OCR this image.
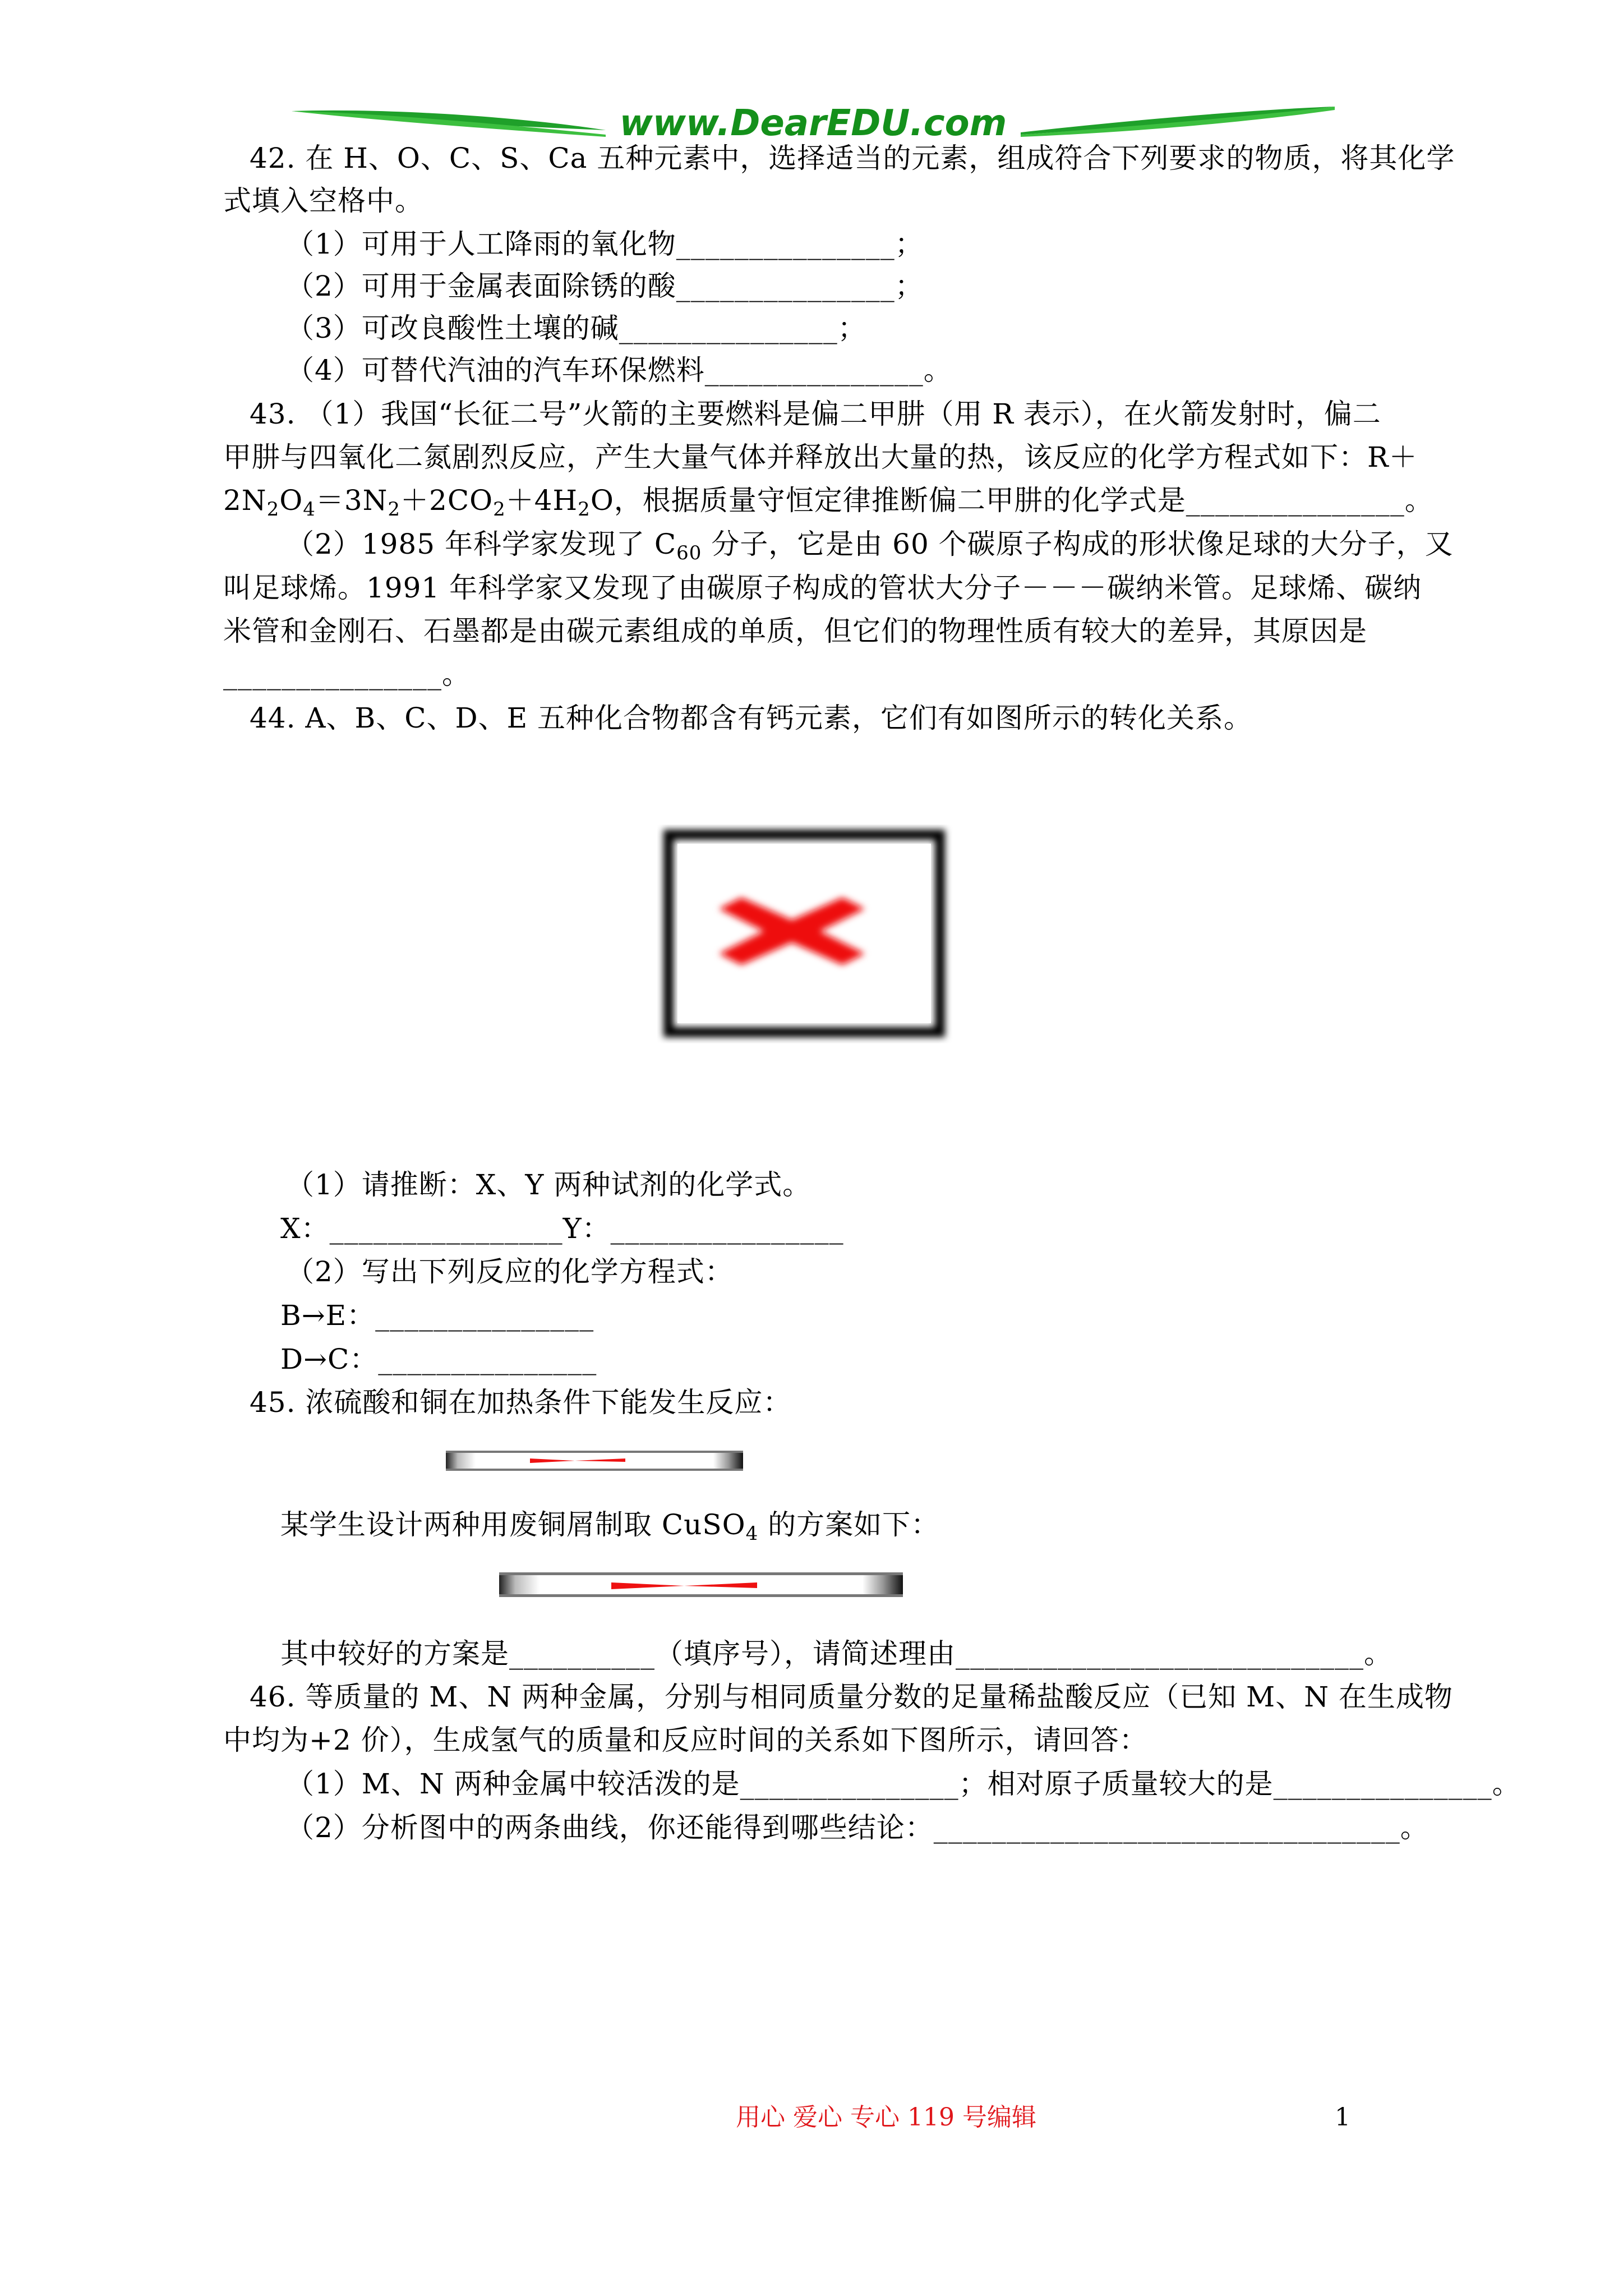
www.DearEDU.com
42. 在 H、O、C、S、Ca 五种元素中，选择适当的元素，组成符合下列要求的物质，将其化学
式填入空格中。
（1）可用于人工降雨的氧化物_______________；
（2）可用于金属表面除锈的酸_______________；
（3）可改良酸性土壤的碱_______________；
（4）可替代汽油的汽车环保燃料_______________。
43. （1）我国“长征二号”火箭的主要燃料是偏二甲肼（用 R 表示），在火箭发射时，偏二
甲肼与四氧化二氮剧烈反应，产生大量气体并释放出大量的热，该反应的化学方程式如下：R＋
$2N_2O_4=3N_2+2CO_2+4H_2O$，根据质量守恒定律推断偏二甲肼的化学式是_______________。
（2）1985 年科学家发现了 $C_{60}$ 分子，它是由 60 个碳原子构成的形状像足球的大分子，又
叫足球烯。1991 年科学家又发现了由碳原子构成的管状大分子－－－碳纳米管。足球烯、碳纳
米管和金刚石、石墨都是由碳元素组成的单质，但它们的物理性质有较大的差异，其原因是
_______________。
44. A、B、C、D、E 五种化合物都含有钙元素，它们有如图所示的转化关系。
（1）请推断：X、Y 两种试剂的化学式。
X：________________Y：________________
（2）写出下列反应的化学方程式：
B→E：_______________
D→C：_______________
45. 浓硫酸和铜在加热条件下能发生反应：
某学生设计两种用废铜屑制取 CuSO$_4$ 的方案如下：
其中较好的方案是__________（填序号），请简述理由____________________________。
46. 等质量的 M、N 两种金属，分别与相同质量分数的足量稀盐酸反应（已知 M、N 在生成物
中均为+2 价），生成氢气的质量和反应时间的关系如下图所示，请回答：
（1）M、N 两种金属中较活泼的是_______________；相对原子质量较大的是_______________。
（2）分析图中的两条曲线，你还能得到哪些结论：________________________________。
用心 爱心 专心 119 号编辑	1
